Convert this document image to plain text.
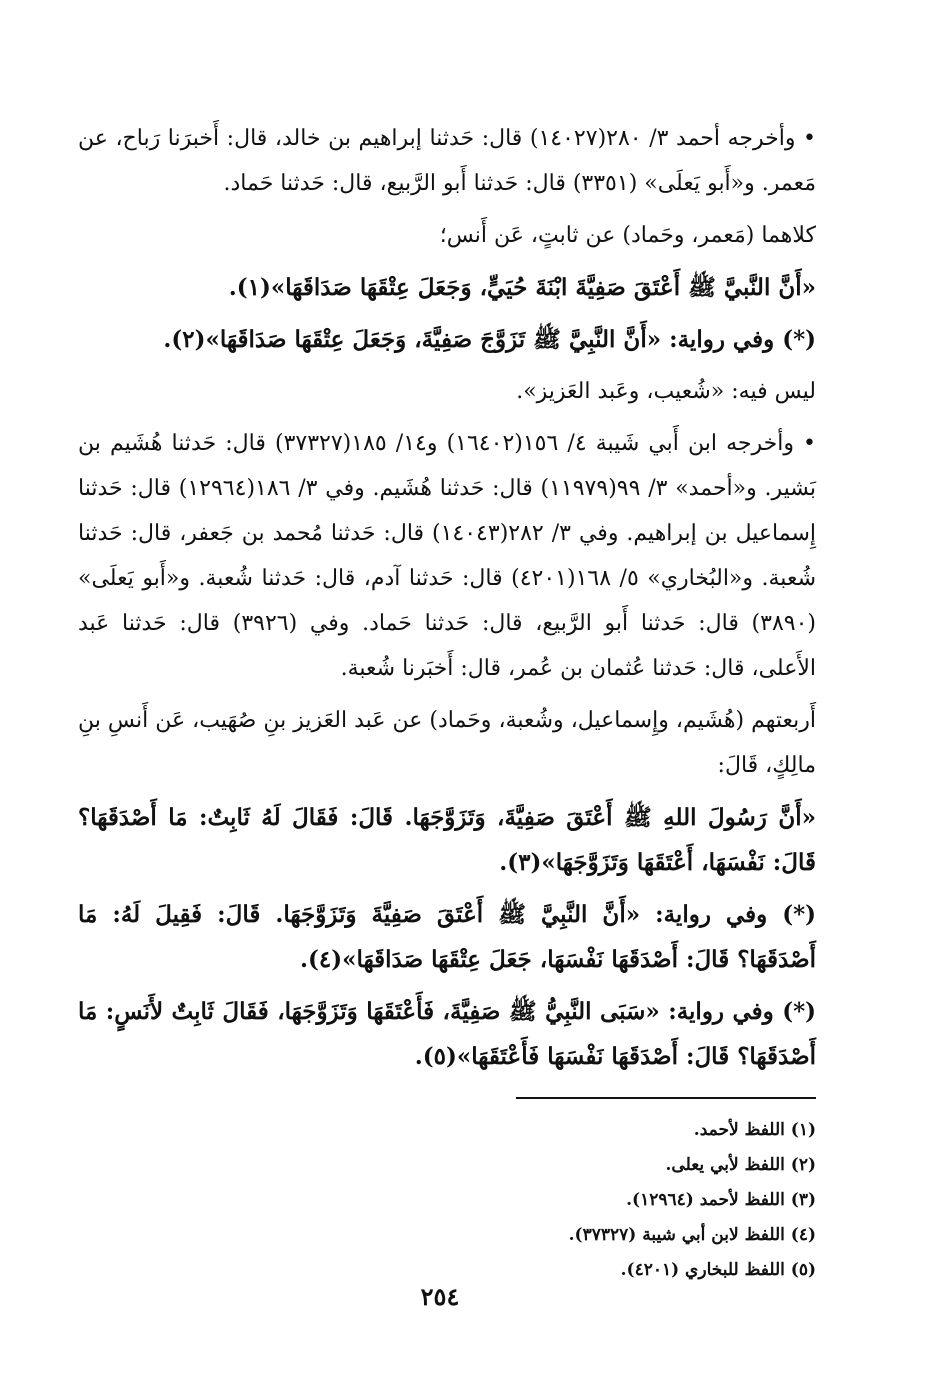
• وأخرجه أحمد ٣/ ٢٨٠(١٤٠٢٧) قال: حَدثنا إبراهيم بن خالد، قال: أَخبرَنا رَباح، عن مَعمر. و«أَبو يَعلَى» (٣٣٥١) قال: حَدثنا أَبو الرَّبيع، قال: حَدثنا حَماد.

كلاهما (مَعمر، وحَماد) عن ثابتٍ، عَن أَنس؛

«أَنَّ النَّبيَّ ﷺ أَعْتَقَ صَفِيَّةَ ابْنَةَ حُيَيٍّ، وَجَعَلَ عِتْقَهَا صَدَاقَهَا»(١).

(*) وفي رواية: «أَنَّ النَّبِيَّ ﷺ تَزَوَّجَ صَفِيَّةَ، وَجَعَلَ عِتْقَهَا صَدَاقَهَا»(٢).

ليس فيه: «شُعيب، وعَبد العَزيز».

• وأخرجه ابن أَبي شَيبة ٤/ ١٥٦(١٦٤٠٢) و١٤/ ١٨٥(٣٧٣٢٧) قال: حَدثنا هُشَيم بن بَشير. و«أحمد» ٣/ ٩٩(١١٩٧٩) قال: حَدثنا هُشَيم. وفي ٣/ ١٨٦(١٢٩٦٤) قال: حَدثنا إِسماعيل بن إبراهيم. وفي ٣/ ٢٨٢(١٤٠٤٣) قال: حَدثنا مُحمد بن جَعفر، قال: حَدثنا شُعبة. و«البُخاري» ٥/ ١٦٨(٤٢٠١) قال: حَدثنا آدم، قال: حَدثنا شُعبة. و«أَبو يَعلَى» (٣٨٩٠) قال: حَدثنا أَبو الرَّبيع، قال: حَدثنا حَماد. وفي (٣٩٢٦) قال: حَدثنا عَبد الأَعلى، قال: حَدثنا عُثمان بن عُمر، قال: أَخبَرنا شُعبة.

أَربعتهم (هُشَيم، وإِسماعيل، وشُعبة، وحَماد) عن عَبد العَزيز بنِ صُهَيب، عَن أَنسِ بنِ مالِكٍ، قَالَ:

«أَنَّ رَسُولَ اللهِ ﷺ أَعْتَقَ صَفِيَّةَ، وَتَزَوَّجَهَا. قَالَ: فَقَالَ لَهُ ثَابِتٌ: مَا أَصْدَقَهَا؟ قَالَ: نَفْسَهَا، أَعْتَقَهَا وَتَزَوَّجَهَا»(٣).

(*) وفي رواية: «أَنَّ النَّبِيَّ ﷺ أَعْتَقَ صَفِيَّةَ وَتَزَوَّجَهَا. قَالَ: فَقِيلَ لَهُ: مَا أَصْدَقَهَا؟ قَالَ: أَصْدَقَهَا نَفْسَهَا، جَعَلَ عِتْقَهَا صَدَاقَهَا»(٤).

(*) وفي رواية: «سَبَى النَّبِيُّ ﷺ صَفِيَّةَ، فَأَعْتَقَهَا وَتَزَوَّجَهَا، فَقَالَ ثَابِتٌ لأَنَسٍ: مَا أَصْدَقَهَا؟ قَالَ: أَصْدَقَهَا نَفْسَهَا فَأَعْتَقَهَا»(٥).

(١) اللفظ لأحمد.

(٢) اللفظ لأبي يعلى.

(٣) اللفظ لأحمد (١٢٩٦٤).

(٤) اللفظ لابن أبي شيبة (٣٧٣٢٧).

(٥) اللفظ للبخاري (٤٢٠١).

٢٥٤
